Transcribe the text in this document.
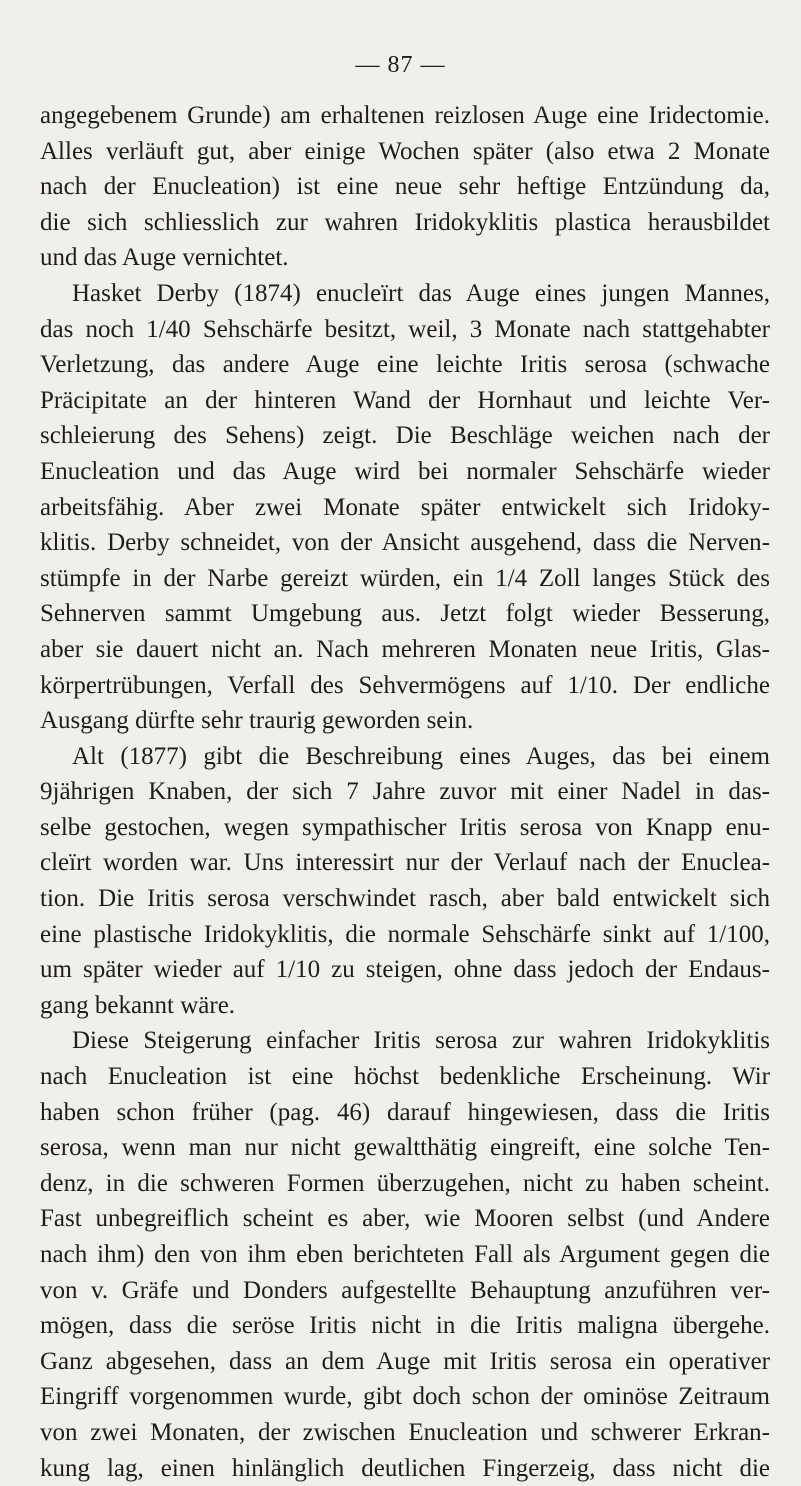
— 87 —
angegebenem Grunde) am erhaltenen reizlosen Auge eine Iridectomie.
Alles verläuft gut, aber einige Wochen später (also etwa 2 Monate
nach der Enucleation) ist eine neue sehr heftige Entzündung da,
die sich schliesslich zur wahren Iridokyklitis plastica herausbildet
und das Auge vernichtet.
Hasket Derby (1874) enucleïrt das Auge eines jungen Mannes,
das noch 1/40 Sehschärfe besitzt, weil, 3 Monate nach stattgehabter
Verletzung, das andere Auge eine leichte Iritis serosa (schwache
Präcipitate an der hinteren Wand der Hornhaut und leichte Ver-
schleierung des Sehens) zeigt. Die Beschläge weichen nach der
Enucleation und das Auge wird bei normaler Sehschärfe wieder
arbeitsfähig. Aber zwei Monate später entwickelt sich Iridoky-
klitis. Derby schneidet, von der Ansicht ausgehend, dass die Nerven-
stümpfe in der Narbe gereizt würden, ein 1/4 Zoll langes Stück des
Sehnerven sammt Umgebung aus. Jetzt folgt wieder Besserung,
aber sie dauert nicht an. Nach mehreren Monaten neue Iritis, Glas-
körpertrübungen, Verfall des Sehvermögens auf 1/10. Der endliche
Ausgang dürfte sehr traurig geworden sein.
Alt (1877) gibt die Beschreibung eines Auges, das bei einem
9jährigen Knaben, der sich 7 Jahre zuvor mit einer Nadel in das-
selbe gestochen, wegen sympathischer Iritis serosa von Knapp enu-
cleïrt worden war. Uns interessirt nur der Verlauf nach der Enuclea-
tion. Die Iritis serosa verschwindet rasch, aber bald entwickelt sich
eine plastische Iridokyklitis, die normale Sehschärfe sinkt auf 1/100,
um später wieder auf 1/10 zu steigen, ohne dass jedoch der Endaus-
gang bekannt wäre.
Diese Steigerung einfacher Iritis serosa zur wahren Iridokyklitis
nach Enucleation ist eine höchst bedenkliche Erscheinung. Wir
haben schon früher (pag. 46) darauf hingewiesen, dass die Iritis
serosa, wenn man nur nicht gewaltthätig eingreift, eine solche Ten-
denz, in die schweren Formen überzugehen, nicht zu haben scheint.
Fast unbegreiflich scheint es aber, wie Mooren selbst (und Andere
nach ihm) den von ihm eben berichteten Fall als Argument gegen die
von v. Gräfe und Donders aufgestellte Behauptung anzuführen ver-
mögen, dass die seröse Iritis nicht in die Iritis maligna übergehe.
Ganz abgesehen, dass an dem Auge mit Iritis serosa ein operativer
Eingriff vorgenommen wurde, gibt doch schon der ominöse Zeitraum
von zwei Monaten, der zwischen Enucleation und schwerer Erkran-
kung lag, einen hinlänglich deutlichen Fingerzeig, dass nicht die
